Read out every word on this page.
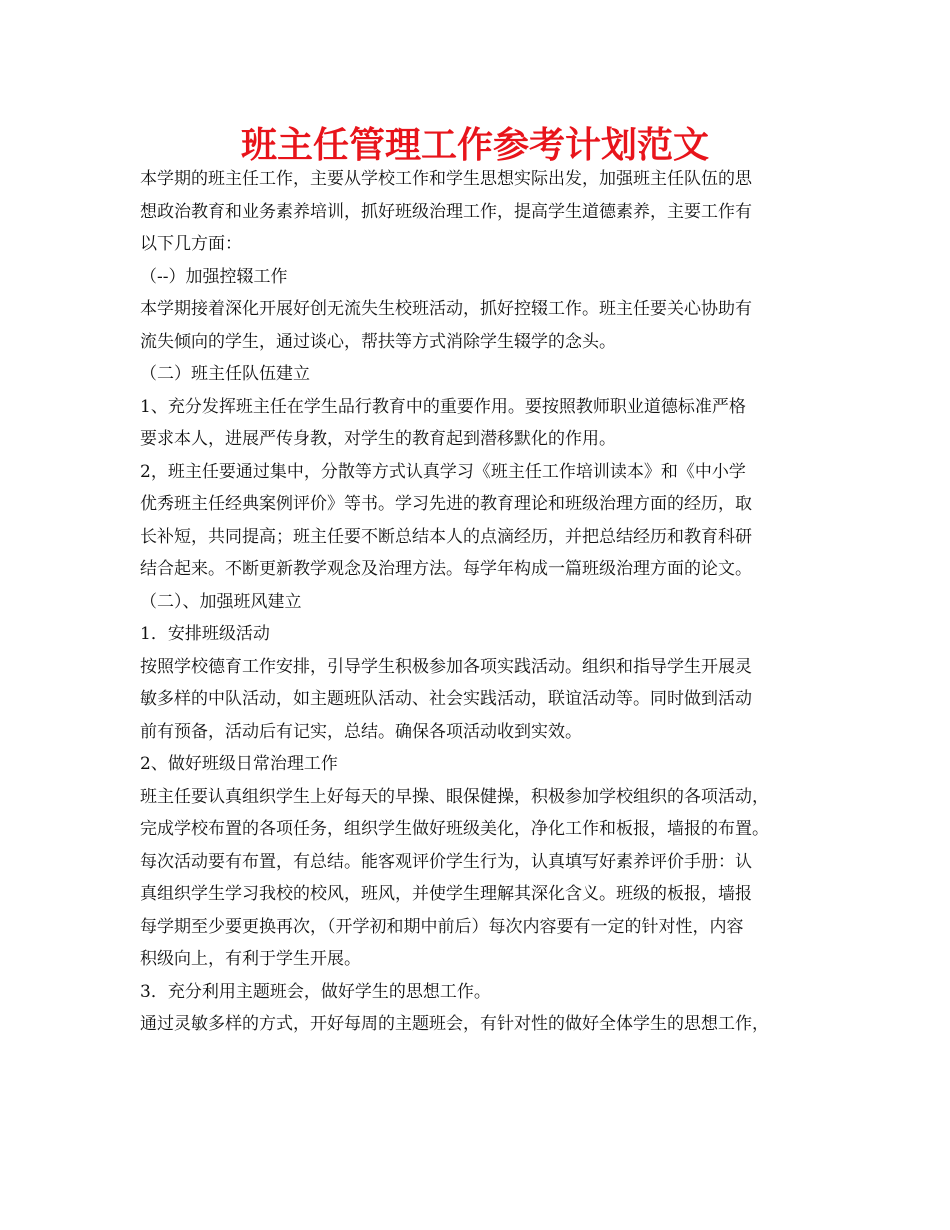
班主任管理工作参考计划范文
本学期的班主任工作，主要从学校工作和学生思想实际出发，加强班主任队伍的思
想政治教育和业务素养培训，抓好班级治理工作，提高学生道德素养，主要工作有
以下几方面：
（--）加强控辍工作
本学期接着深化开展好创无流失生校班活动，抓好控辍工作。班主任要关心协助有
流失倾向的学生，通过谈心，帮扶等方式消除学生辍学的念头。
（二）班主任队伍建立
1、充分发挥班主任在学生品行教育中的重要作用。要按照教师职业道德标准严格
要求本人，进展严传身教，对学生的教育起到潜移默化的作用。
2，班主任要通过集中，分散等方式认真学习《班主任工作培训读本》和《中小学
优秀班主任经典案例评价》等书。学习先进的教育理论和班级治理方面的经历，取
长补短，共同提高；班主任要不断总结本人的点滴经历，并把总结经历和教育科研
结合起来。不断更新教学观念及治理方法。每学年构成一篇班级治理方面的论文。
（二）、加强班风建立
1．安排班级活动
按照学校德育工作安排，引导学生积极参加各项实践活动。组织和指导学生开展灵
敏多样的中队活动，如主题班队活动、社会实践活动，联谊活动等。同时做到活动
前有预备，活动后有记实，总结。确保各项活动收到实效。
2、做好班级日常治理工作
班主任要认真组织学生上好每天的早操、眼保健操，积极参加学校组织的各项活动，
完成学校布置的各项任务，组织学生做好班级美化，净化工作和板报，墙报的布置。
每次活动要有布置，有总结。能客观评价学生行为，认真填写好素养评价手册：认
真组织学生学习我校的校风，班风，并使学生理解其深化含义。班级的板报，墙报
每学期至少要更换再次，（开学初和期中前后）每次内容要有一定的针对性，内容
积级向上，有利于学生开展。
3．充分利用主题班会，做好学生的思想工作。
通过灵敏多样的方式，开好每周的主题班会，有针对性的做好全体学生的思想工作，
